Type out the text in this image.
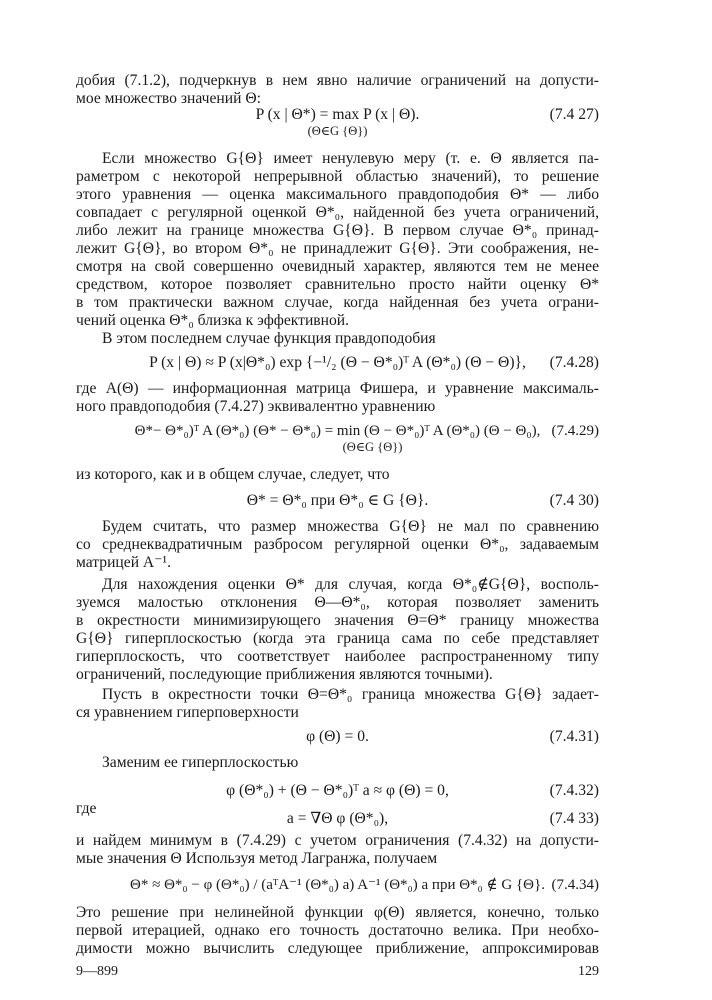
добия (7.1.2), подчеркнув в нем явно наличие ограничений на допусти-
мое множество значений Θ:
P (x | Θ*) = max P (x | Θ).	(7.4 27)
(Θ∈G {Θ})
Если множество G{Θ} имеет ненулевую меру (т. е. Θ является па-
раметром с некоторой непрерывной областью значений), то решение
этого уравнения — оценка максимального правдоподобия Θ* — либо
совпадает с регулярной оценкой Θ*₀, найденной без учета ограничений,
либо лежит на границе множества G{Θ}. В первом случае Θ*₀ принад-
лежит G{Θ}, во втором Θ*₀ не принадлежит G{Θ}. Эти соображения, не-
смотря на свой совершенно очевидный характер, являются тем не менее
средством, которое позволяет сравнительно просто найти оценку Θ*
в том практически важном случае, когда найденная без учета ограни-
чений оценка Θ*₀ близка к эффективной.
В этом последнем случае функция правдоподобия
P (x | Θ) ≈ P (x|Θ*₀) exp {−¹/₂ (Θ − Θ*₀)ᵀ A (Θ*₀) (Θ − Θ)}, (7.4.28)
где A(Θ) — информационная матрица Фишера, и уравнение максималь-
ного правдоподобия (7.4.27) эквивалентно уравнению
Θ*− Θ*₀)ᵀ A (Θ*₀) (Θ* − Θ*₀) = min (Θ − Θ*₀)ᵀ A (Θ*₀) (Θ − Θ₀), (7.4.29)
(Θ∈G {Θ})
из которого, как и в общем случае, следует, что
Θ* = Θ*₀ при Θ*₀ ∈ G {Θ}.	(7.4 30)
Будем считать, что размер множества G{Θ} не мал по сравнению
со среднеквадратичным разбросом регулярной оценки Θ*₀, задаваемым
матрицей A⁻¹.
Для нахождения оценки Θ* для случая, когда Θ*₀∉G{Θ}, восполь-
зуемся малостью отклонения Θ—Θ*₀, которая позволяет заменить
в окрестности минимизирующего значения Θ=Θ* границу множества
G{Θ} гиперплоскостью (когда эта граница сама по себе представляет
гиперплоскость, что соответствует наиболее распространенному типу
ограничений, последующие приближения являются точными).
Пусть в окрестности точки Θ=Θ*₀ граница множества G{Θ} задает-
ся уравнением гиперповерхности
φ (Θ) = 0.	(7.4.31)
Заменим ее гиперплоскостью
φ (Θ*₀) + (Θ − Θ*₀)ᵀ a ≈ φ (Θ) = 0,	(7.4.32)
где
a = ∇Θ φ (Θ*₀),	(7.4 33)
и найдем минимум в (7.4.29) с учетом ограничения (7.4.32) на допусти-
мые значения Θ Используя метод Лагранжа, получаем
Θ* ≈ Θ*₀ − φ (Θ*₀) / (aᵀA⁻¹ (Θ*₀) a) A⁻¹ (Θ*₀) a при Θ*₀ ∉ G {Θ}. (7.4.34)
Это решение при нелинейной функции φ(Θ) является, конечно, только
первой итерацией, однако его точность достаточно велика. При необхо-
димости можно вычислить следующее приближение, аппроксимировав
9—899	129
